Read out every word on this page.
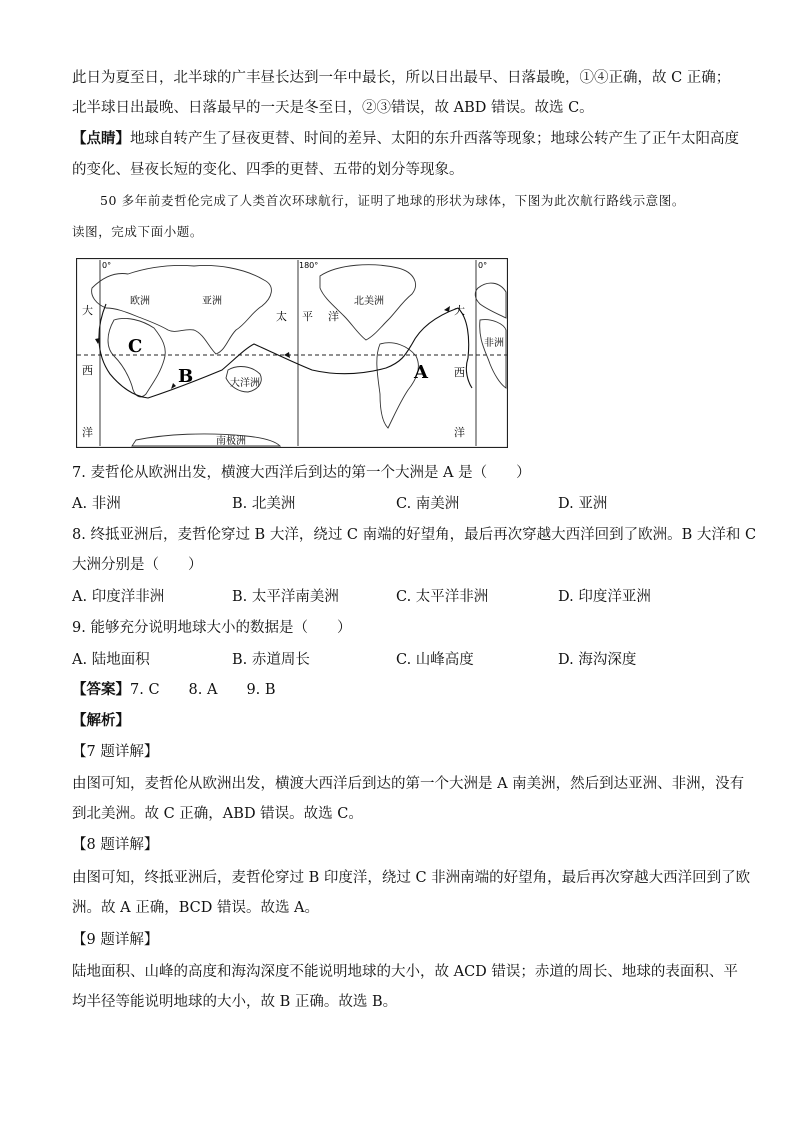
此日为夏至日，北半球的广丰昼长达到一年中最长，所以日出最早、日落最晚，①④正确，故 C 正确；
北半球日出最晚、日落最早的一天是冬至日，②③错误，故 ABD 错误。故选 C。
【点睛】地球自转产生了昼夜更替、时间的差异、太阳的东升西落等现象；地球公转产生了正午太阳高度
的变化、昼夜长短的变化、四季的更替、五带的划分等现象。
50 多年前麦哲伦完成了人类首次环球航行，证明了地球的形状为球体，下图为此次航行路线示意图。
读图，完成下面小题。
0°	180°	0°
欧洲	亚洲	北美洲
太 平 洋
大
西
洋
大
西
洋
非洲
大洋洲
南极洲
C
B	A
7. 麦哲伦从欧洲出发，横渡大西洋后到达的第一个大洲是 A 是（　　）
A. 非洲	B. 北美洲	C. 南美洲	D. 亚洲
8. 终抵亚洲后，麦哲伦穿过 B 大洋，绕过 C 南端的好望角，最后再次穿越大西洋回到了欧洲。B 大洋和 C
大洲分别是（　　）
A. 印度洋非洲	B. 太平洋南美洲	C. 太平洋非洲	D. 印度洋亚洲
9. 能够充分说明地球大小的数据是（　　）
A. 陆地面积	B. 赤道周长	C. 山峰高度	D. 海沟深度
【答案】7. C　　8. A　　9. B
【解析】
【7 题详解】
由图可知，麦哲伦从欧洲出发，横渡大西洋后到达的第一个大洲是 A 南美洲，然后到达亚洲、非洲，没有
到北美洲。故 C 正确，ABD 错误。故选 C。
【8 题详解】
由图可知，终抵亚洲后，麦哲伦穿过 B 印度洋，绕过 C 非洲南端的好望角，最后再次穿越大西洋回到了欧
洲。故 A 正确，BCD 错误。故选 A。
【9 题详解】
陆地面积、山峰的高度和海沟深度不能说明地球的大小，故 ACD 错误；赤道的周长、地球的表面积、平
均半径等能说明地球的大小，故 B 正确。故选 B。
